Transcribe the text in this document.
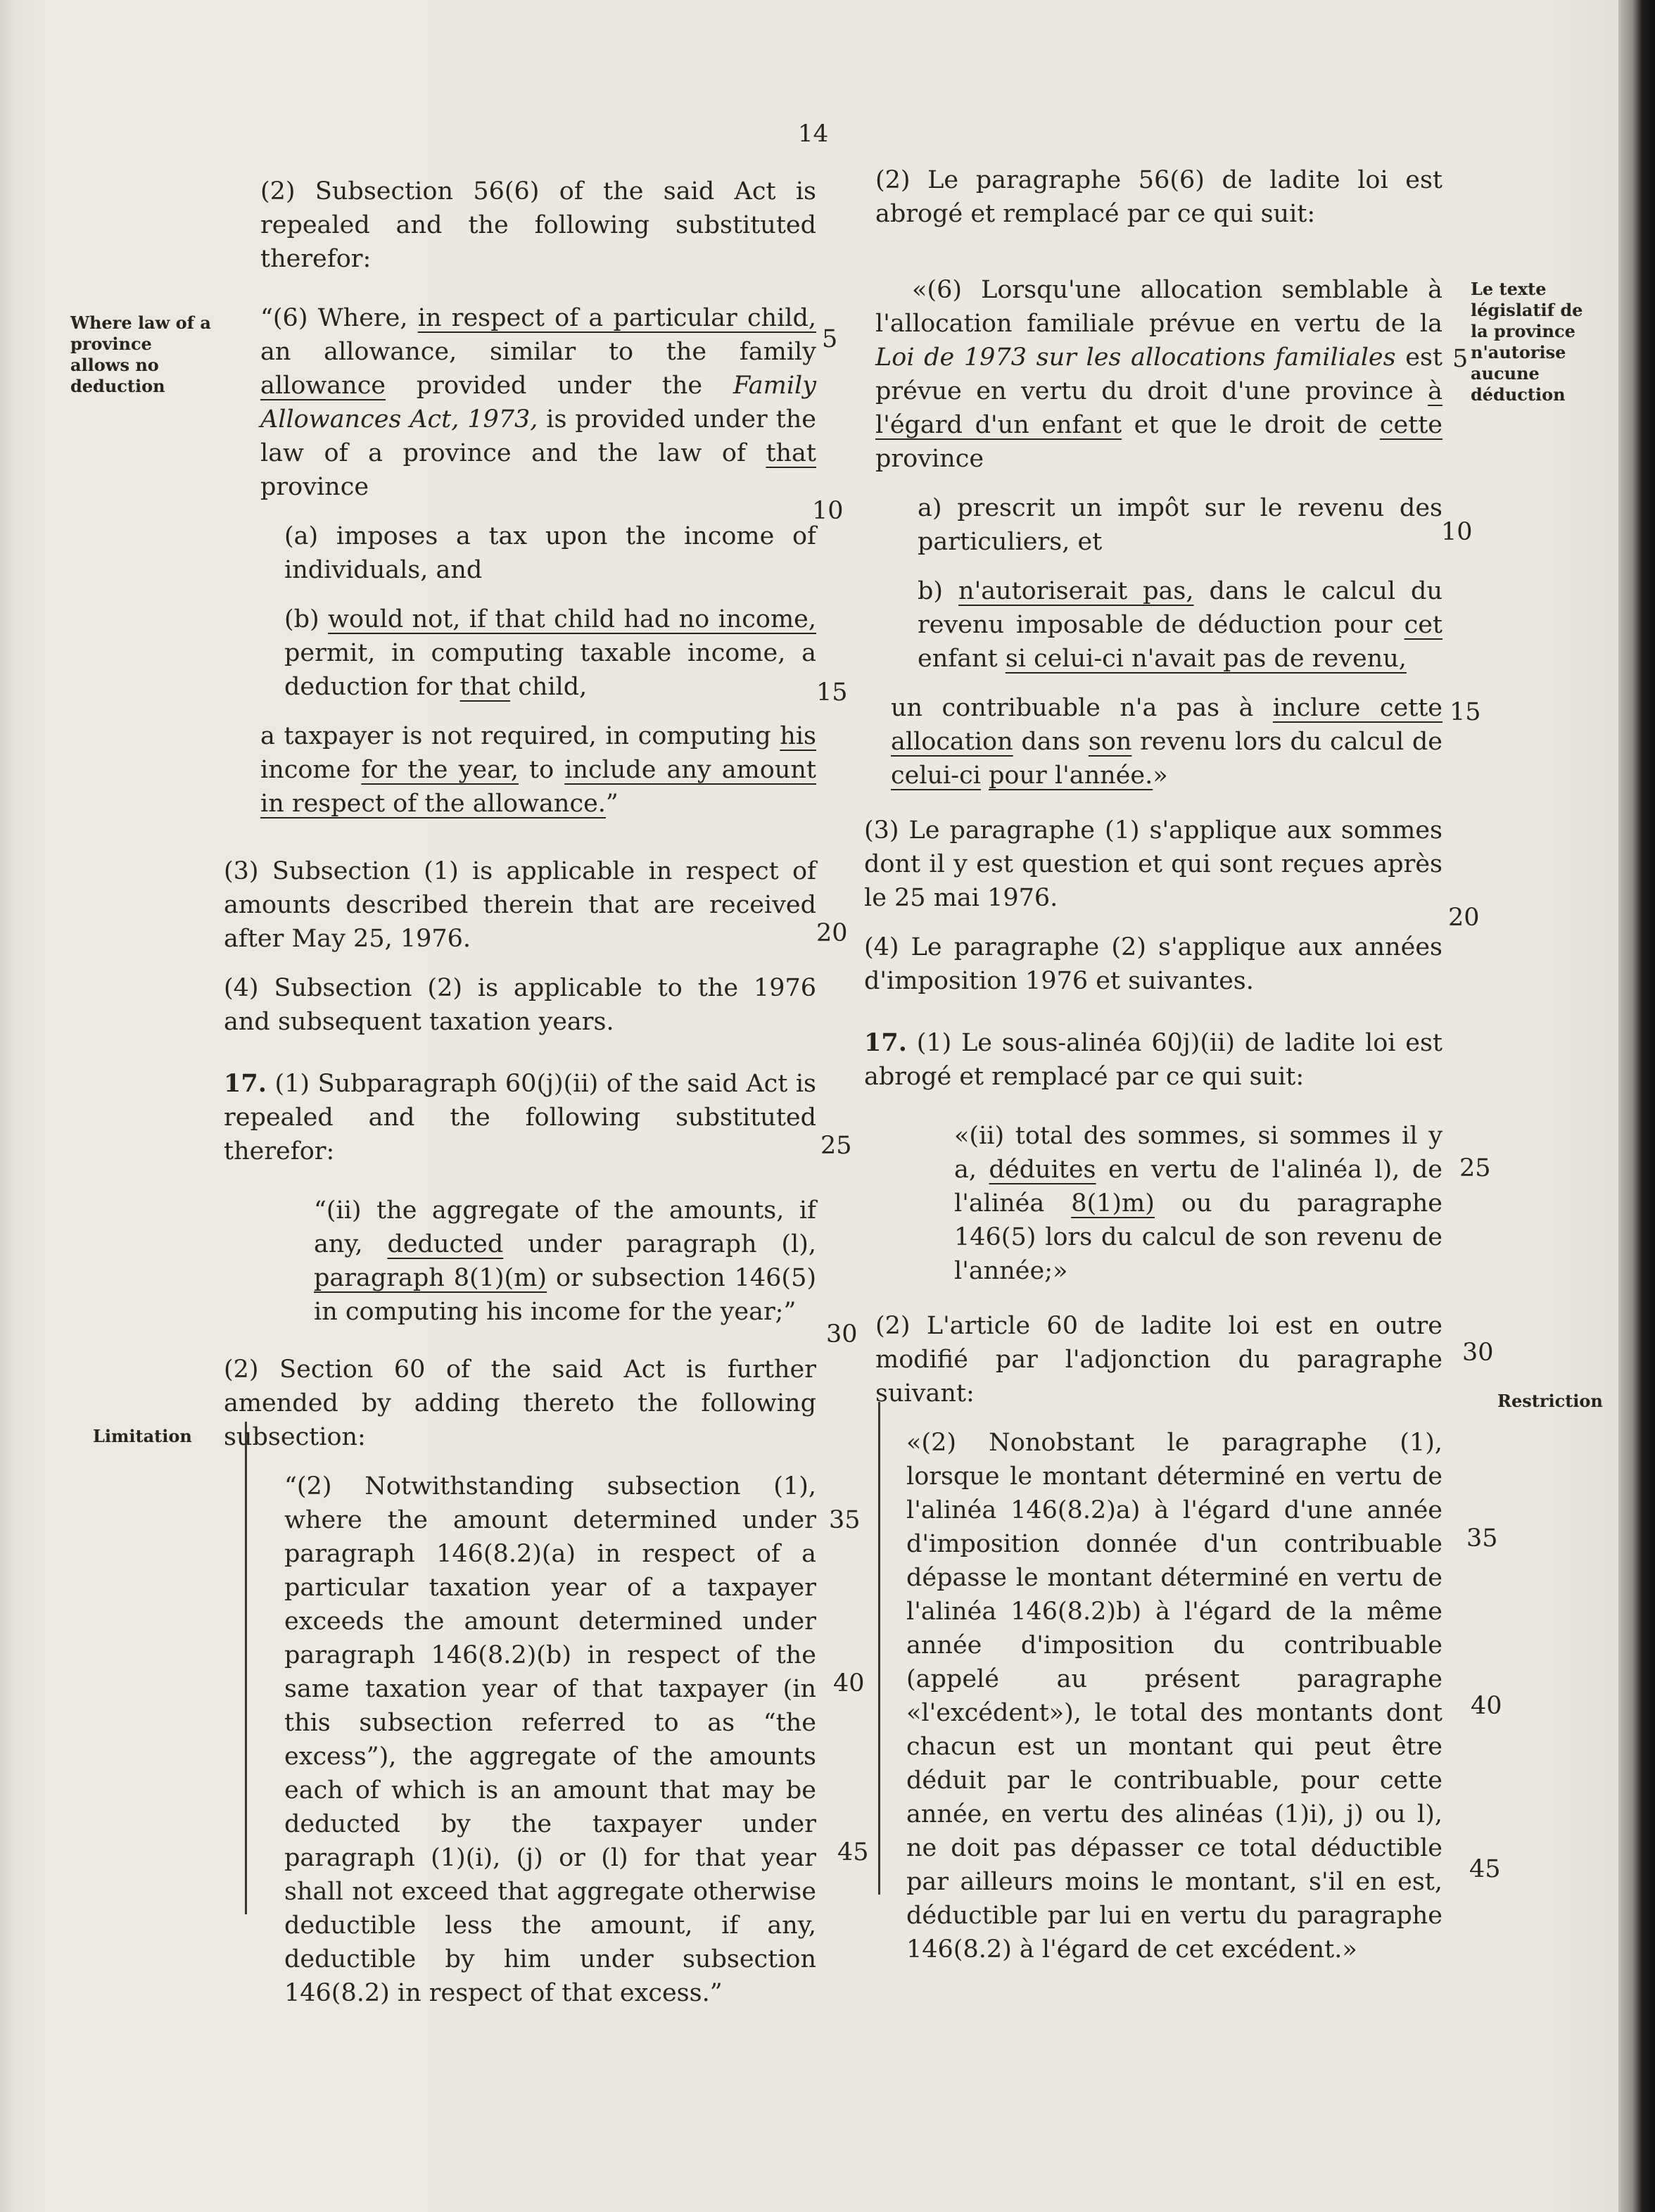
14
Where law of a province allows no deduction
Le texte législatif de la province n'autorise aucune déduction
Limitation
Restriction
5
10
15
20
25
30
35
40
45
5
10
15
20
25
30
35
40
45

(2) Subsection 56(6) of the said Act is repealed and the following substituted therefor:

“(6) Where, in respect of a particular child, an allowance, similar to the family allowance provided under the Family Allowances Act, 1973, is provided under the law of a province and the law of that province

(a) imposes a tax upon the income of individuals, and

(b) would not, if that child had no income, permit, in computing taxable income, a deduction for that child,

a taxpayer is not required, in computing his income for the year, to include any amount in respect of the allowance.”

(3) Subsection (1) is applicable in respect of amounts described therein that are received after May 25, 1976.

(4) Subsection (2) is applicable to the 1976 and subsequent taxation years.

17. (1) Subparagraph 60(j)(ii) of the said Act is repealed and the following substituted therefor:

“(ii) the aggregate of the amounts, if any, deducted under paragraph (l), paragraph 8(1)(m) or subsection 146(5) in computing his income for the year;”

(2) Section 60 of the said Act is further amended by adding thereto the following subsection:

“(2) Notwithstanding subsection (1), where the amount determined under paragraph 146(8.2)(a) in respect of a particular taxation year of a taxpayer exceeds the amount determined under paragraph 146(8.2)(b) in respect of the same taxation year of that taxpayer (in this subsection referred to as “the excess”), the aggregate of the amounts each of which is an amount that may be deducted by the taxpayer under paragraph (1)(i), (j) or (l) for that year shall not exceed that aggregate otherwise deductible less the amount, if any, deductible by him under subsection 146(8.2) in respect of that excess.”

(2) Le paragraphe 56(6) de ladite loi est abrogé et remplacé par ce qui suit:

«(6) Lorsqu'une allocation semblable à l'allocation familiale prévue en vertu de la Loi de 1973 sur les allocations familiales est prévue en vertu du droit d'une province à l'égard d'un enfant et que le droit de cette province

a) prescrit un impôt sur le revenu des particuliers, et

b) n'autoriserait pas, dans le calcul du revenu imposable de déduction pour cet enfant si celui-ci n'avait pas de revenu,

un contribuable n'a pas à inclure cette allocation dans son revenu lors du calcul de celui-ci pour l'année.»

(3) Le paragraphe (1) s'applique aux sommes dont il y est question et qui sont reçues après le 25 mai 1976.

(4) Le paragraphe (2) s'applique aux années d'imposition 1976 et suivantes.

17. (1) Le sous-alinéa 60j)(ii) de ladite loi est abrogé et remplacé par ce qui suit:

«(ii) total des sommes, si sommes il y a, déduites en vertu de l'alinéa l), de l'alinéa 8(1)m) ou du paragraphe 146(5) lors du calcul de son revenu de l'année;»

(2) L'article 60 de ladite loi est en outre modifié par l'adjonction du paragraphe suivant:

«(2) Nonobstant le paragraphe (1), lorsque le montant déterminé en vertu de l'alinéa 146(8.2)a) à l'égard d'une année d'imposition donnée d'un contribuable dépasse le montant déterminé en vertu de l'alinéa 146(8.2)b) à l'égard de la même année d'imposition du contribuable (appelé au présent paragraphe «l'excédent»), le total des montants dont chacun est un montant qui peut être déduit par le contribuable, pour cette année, en vertu des alinéas (1)i), j) ou l), ne doit pas dépasser ce total déductible par ailleurs moins le montant, s'il en est, déductible par lui en vertu du paragraphe 146(8.2) à l'égard de cet excédent.»
